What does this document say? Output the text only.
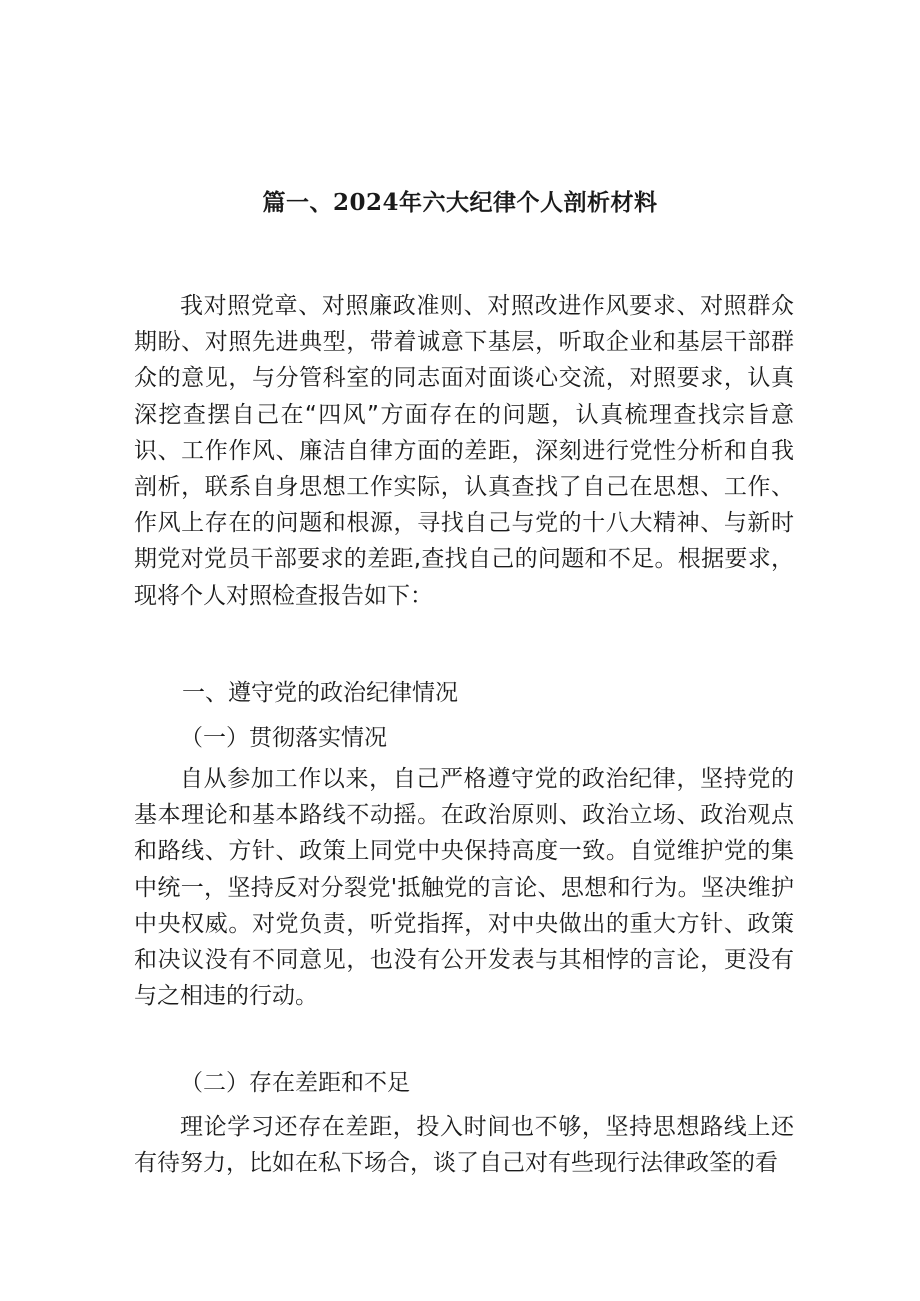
篇一、2024年六大纪律个人剖析材料

我对照党章、对照廉政准则、对照改进作风要求、对照群众期盼、对照先进典型，带着诚意下基层，听取企业和基层干部群众的意见，与分管科室的同志面对面谈心交流，对照要求，认真深挖查摆自己在“四风”方面存在的问题，认真梳理查找宗旨意识、工作作风、廉洁自律方面的差距，深刻进行党性分析和自我剖析，联系自身思想工作实际，认真查找了自己在思想、工作、作风上存在的问题和根源，寻找自己与党的十八大精神、与新时期党对党员干部要求的差距,查找自己的问题和不足。根据要求，现将个人对照检查报告如下：

一、遵守党的政治纪律情况

（一）贯彻落实情况

自从参加工作以来，自己严格遵守党的政治纪律，坚持党的基本理论和基本路线不动摇。在政治原则、政治立场、政治观点和路线、方针、政策上同党中央保持高度一致。自觉维护党的集中统一，坚持反对分裂党'抵触党的言论、思想和行为。坚决维护中央权威。对党负责，听党指挥，对中央做出的重大方针、政策和决议没有不同意见，也没有公开发表与其相悖的言论，更没有与之相违的行动。

（二）存在差距和不足

理论学习还存在差距，投入时间也不够，坚持思想路线上还有待努力，比如在私下场合，谈了自己对有些现行法律政筌的看
